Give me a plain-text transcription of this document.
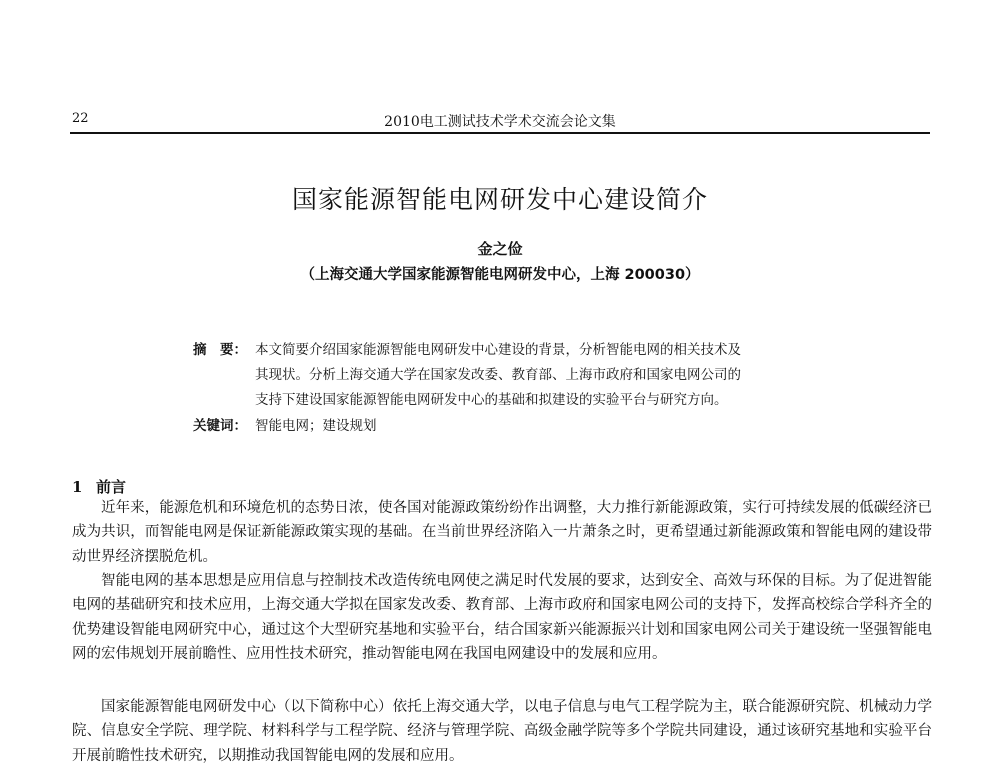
22	2010电工测试技术学术交流会论文集
国家能源智能电网研发中心建设简介
金之俭
（上海交通大学国家能源智能电网研发中心，上海 200030）
摘　要： 本文简要介绍国家能源智能电网研发中心建设的背景，分析智能电网的相关技术及
其现状。分析上海交通大学在国家发改委、教育部、上海市政府和国家电网公司的
支持下建设国家能源智能电网研发中心的基础和拟建设的实验平台与研究方向。
关键词： 智能电网；建设规划
1 前言

近年来，能源危机和环境危机的态势日浓，使各国对能源政策纷纷作出调整，大力推行新能源政策，实行可持续发展的低碳经济已成为共识，而智能电网是保证新能源政策实现的基础。在当前世界经济陷入一片萧条之时，更希望通过新能源政策和智能电网的建设带动世界经济摆脱危机。

智能电网的基本思想是应用信息与控制技术改造传统电网使之满足时代发展的要求，达到安全、高效与环保的目标。为了促进智能电网的基础研究和技术应用，上海交通大学拟在国家发改委、教育部、上海市政府和国家电网公司的支持下，发挥高校综合学科齐全的优势建设智能电网研究中心，通过这个大型研究基地和实验平台，结合国家新兴能源振兴计划和国家电网公司关于建设统一坚强智能电网的宏伟规划开展前瞻性、应用性技术研究，推动智能电网在我国电网建设中的发展和应用。

国家能源智能电网研发中心（以下简称中心）依托上海交通大学，以电子信息与电气工程学院为主，联合能源研究院、机械动力学院、信息安全学院、理学院、材料科学与工程学院、经济与管理学院、高级金融学院等多个学院共同建设，通过该研究基地和实验平台开展前瞻性技术研究，以期推动我国智能电网的发展和应用。
